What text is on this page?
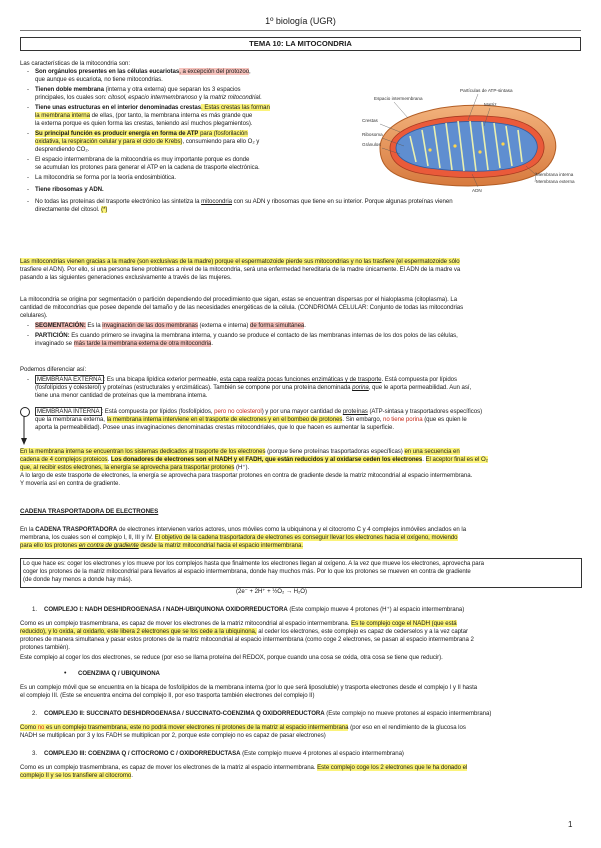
1º biología (UGR)
TEMA 10: LA MITOCONDRIA
Las características de la mitocondria son:
- Son orgánulos presentes en las células eucariotas, a excepción del protozoo,
que aunque es eucariota, no tiene mitocondrias.
- Tienen doble membrana (interna y otra externa) que separan los 3 espacios
principales, los cuales son: citosol, espacio intermembranoso y la matriz mitocondrial.
- Tiene unas estructuras en el interior denominadas crestas. Estas crestas las forman
la membrana interna de ellas, (por tanto, la membrana interna es más grande que
la externa porque es quien forma las crestas, teniendo así muchos plegamientos).
- Su principal función es producir energía en forma de ATP para (fosforilación
oxidativa, la respiración celular y para el ciclo de Krebs), consumiendo para ello O₂ y
desprendiendo CO₂.
- El espacio intermembrana de la mitocondria es muy importante porque es donde
se acumulan los protones para generar el ATP en la cadena de trasporte electrónica.
- La mitocondria se forma por la teoría endosimbiótica.
- Tiene ribosomas y ADN.
- No todas las proteínas del trasporte electrónico las sintetiza la mitocondria con su ADN y ribosomas que tiene en su interior. Porque algunas proteínas vienen
directamente del citosol. (*)
Partículas de ATP-sintasa
Espacio intermembrana
Matriz
Crestas
Ribosoma
Gránulos
Membrana interna
Membrana externa
ADN
Las mitocondrias vienen gracias a la madre (son exclusivas de la madre) porque el espermatozoide pierde sus mitocondrias y no las trasfiere (el espermatozoide sólo
trasfiere el ADN). Por ello, si una persona tiene problemas a nivel de la mitocondria, será una enfermedad hereditaria de la madre únicamente. El ADN de la madre va
pasando a las siguientes generaciones exclusivamente a través de las mujeres.
La mitocondria se origina por segmentación o partición dependiendo del procedimiento que sigan, estas se encuentran dispersas por el hialoplasma (citoplasma). La
cantidad de mitocondrias que posee depende del tamaño y de las necesidades energéticas de la célula. (CONDRIOMA CELULAR: Conjunto de todas las mitocondrias
celulares).
- SEGMENTACIÓN: Es la invaginación de las dos membranas (externa e interna) de forma simultánea.
- PARTICIÓN: Es cuando primero se invagina la membrana interna, y cuando se produce el contacto de las membranas internas de los dos polos de las células,
invaginado se más tarde la membrana externa de otra mitocondria.
Podemos diferenciar así:
-	MEMBRANA EXTERNA : Es una bicapa lipídica exterior permeable, esta capa realiza pocas funciones enzimáticas y de trasporte. Está compuesta por lípidos
(fosfolípidos y colesterol) y proteínas (estructurales y enzimáticas). También se compone por una proteína denominada porina, que le aporta permeabilidad. Aun así,
tiene una menor cantidad de proteínas que la membrana interna.
MEMBRANA INTERNA : Está compuesta por lípidos (fosfolípidos, pero no colesterol) y por una mayor cantidad de proteínas (ATP-sintasa y trasportadores específicos)
que la membrana externa, la membrana interna interviene en el trasporte de electrones y en el bombeo de protones. Sin embargo, no tiene porina (que es quien le
aporta la permeabilidad). Posee unas invaginaciones denominadas crestas mitocondriales, que lo que hacen es aumentar la superficie.
En la membrana interna se encuentran los sistemas dedicados al trasporte de los electrones (porque tiene proteínas trasportadoras específicas) en una secuencia en
cadena de 4 complejos proteicos. Los donadores de electrones son el NADH y el FADH, que están reducidos y al oxidarse ceden los electrones. El aceptor final es el O₂
que, al recibir estos electrones, la energía se aprovecha para trasportar protones (H⁺).
A lo largo de este trasporte de electrones, la energía se aprovecha para trasportar protones en contra de gradiente desde la matriz mitocondrial al espacio intermembrana.
Y movería así en contra de gradiente.
CADENA TRASPORTADORA DE ELECTRONES
En la CADENA TRASPORTADORA de electrones intervienen varios actores, unos móviles como la ubiquinona y el citocromo C y 4 complejos inmóviles anclados en la
membrana, los cuales son el complejo I, II, III y IV. El objetivo de la cadena trasportadora de electrones es conseguir llevar los electrones hacia el oxígeno, moviendo
para ello los protones en contra de gradiente desde la matriz mitocondrial hacia el espacio intermembrana.
Lo que hace es: coger los electrones y los mueve por los complejos hasta que finalmente los electrones llegan al oxígeno. A la vez que mueve los electrones, aprovecha para
coger los protones de la matriz mitocondrial para llevarlos al espacio intermembrana, donde hay muchos más. Por lo que los protones se mueven en contra de gradiente
(de donde hay menos a donde hay más).
(2e⁻ + 2H⁺ + ½O₂ → H₂O)
1. COMPLEJO I: NADH DESHIDROGENASA / NADH-UBIQUINONA OXIDORREDUCTORA (Este complejo mueve 4 protones (H⁺) al espacio intermembrana)
Como es un complejo trasmembrana, es capaz de mover los electrones de la matriz mitocondrial al espacio intermembrana. Es te complejo coge el NADH (que está
reducido), y lo oxida, al oxidarlo, este libera 2 electrones que se los cede a la ubiquinona, al ceder los electrones, este complejo es capaz de cederselos y a la vez captar
protones de manera simultanea y pasar estos protones de la matriz mitocondrial al espacio intermembrana (como coge 2 electrones, se pasan al espacio intermembrana 2
protones también).
Este complejo al coger los dos electrones, se reduce (por eso se llama proteína del REDOX, porque cuando una cosa se oxida, otra cosa se tiene que reducir).
• COENZIMA Q / UBIQUINONA
Es un complejo móvil que se encuentra en la bicapa de fosfolípidos de la membrana interna (por lo que será liposoluble) y trasporta electrones desde el complejo I y II hasta
el complejo III. (Este se encuentra encima del complejo II, por eso trasporta también electrones del complejo II)
2. COMPLEJO II: SUCCINATO DESHIDROGENASA / SUCCINATO-COENZIMA Q OXIDORREDUCTORA (Este complejo no mueve protones al espacio intermembrana)
Como no es un complejo trasmembrana, este no podrá mover electrones ni protones de la matriz al espacio intermembrana (por eso en el rendimiento de la glucosa los
NADH se multiplican por 3 y los FADH se multiplican por 2, porque este complejo no es capaz de pasar electrones)
3. COMPLEJO III: COENZIMA Q / CITOCROMO C / OXIDORREDUCTASA (Este complejo mueve 4 protones al espacio intermembrana)
Como es un complejo trasmembrana, es capaz de mover los electrones de la matriz al espacio intermembrana. Este complejo coge los 2 electrones que le ha donado el
complejo II y se los transfiere al citocromo.
1
